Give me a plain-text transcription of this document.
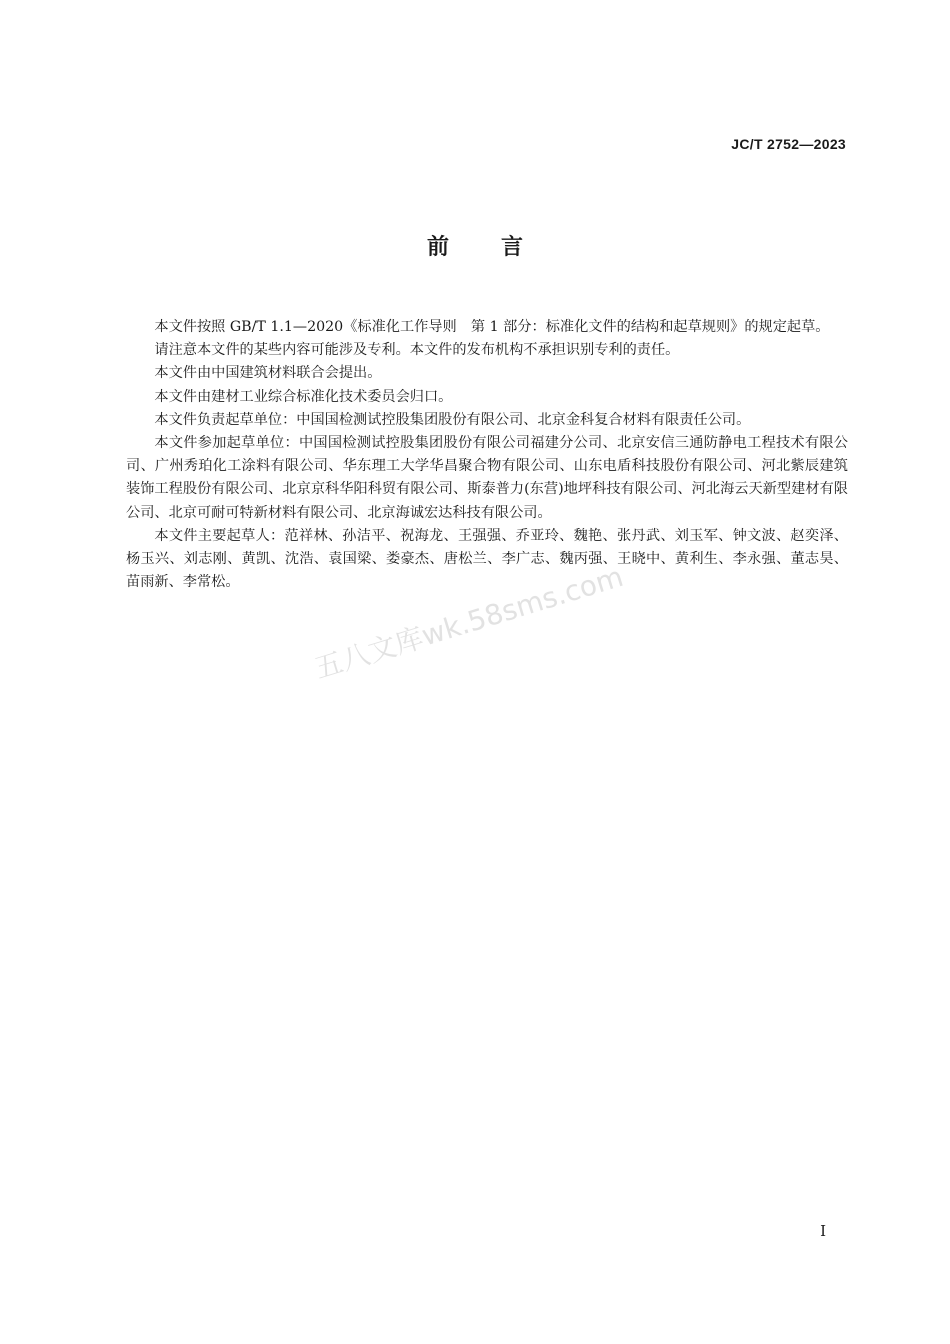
JC/T 2752—2023
前言

本文件按照 GB/T 1.1—2020《标准化工作导则　第 1 部分：标准化文件的结构和起草规则》的规定起草。

请注意本文件的某些内容可能涉及专利。本文件的发布机构不承担识别专利的责任。

本文件由中国建筑材料联合会提出。

本文件由建材工业综合标准化技术委员会归口。

本文件负责起草单位：中国国检测试控股集团股份有限公司、北京金科复合材料有限责任公司。

本文件参加起草单位：中国国检测试控股集团股份有限公司福建分公司、北京安信三通防静电工程技术有限公司、广州秀珀化工涂料有限公司、华东理工大学华昌聚合物有限公司、山东电盾科技股份有限公司、河北紫辰建筑装饰工程股份有限公司、北京京科华阳科贸有限公司、斯泰普力(东营)地坪科技有限公司、河北海云天新型建材有限公司、北京可耐可特新材料有限公司、北京海诚宏达科技有限公司。

本文件主要起草人：范祥林、孙洁平、祝海龙、王强强、乔亚玲、魏艳、张丹武、刘玉军、钟文波、赵奕泽、杨玉兴、刘志刚、黄凯、沈浩、袁国梁、娄豪杰、唐松兰、李广志、魏丙强、王晓中、黄利生、李永强、董志昊、苗雨新、李常松。	五八文库wk.58sms.com
I
